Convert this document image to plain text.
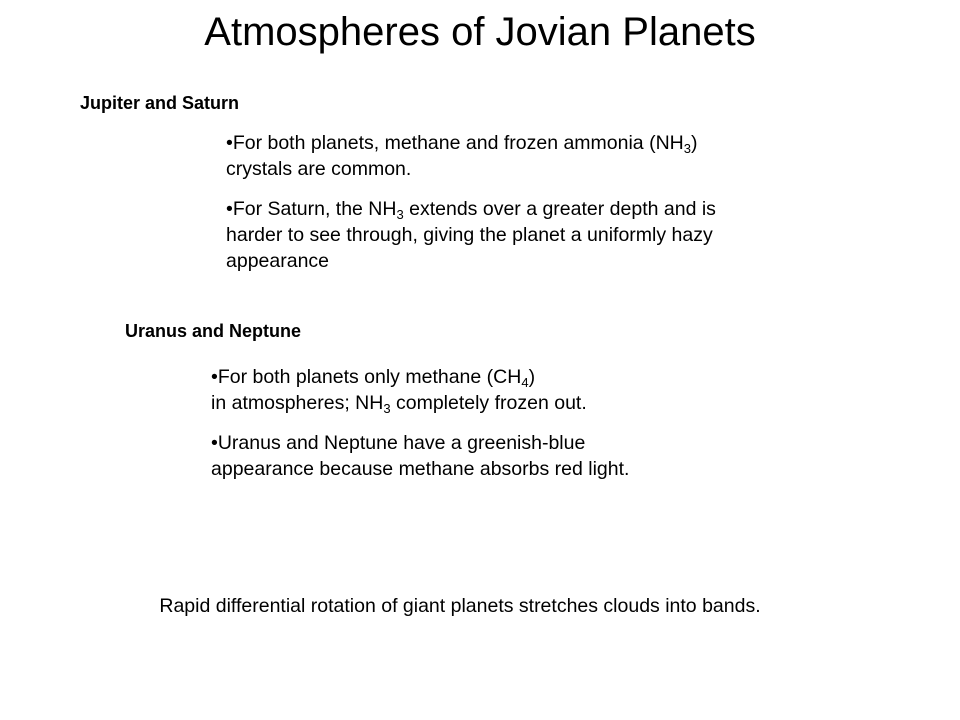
Atmospheres of Jovian Planets
Jupiter and Saturn
•For both planets, methane and frozen ammonia $(NH_3)$
crystals are common.
•For Saturn, the $NH_3$ extends over a greater depth and is
harder to see through, giving the planet a uniformly hazy
appearance
Uranus and Neptune
•For both planets only methane $(CH_4)$
in atmospheres; $NH_3$ completely frozen out.
•Uranus and Neptune have a greenish-blue
appearance because methane absorbs red light.

Rapid differential rotation of giant planets stretches clouds into bands.
